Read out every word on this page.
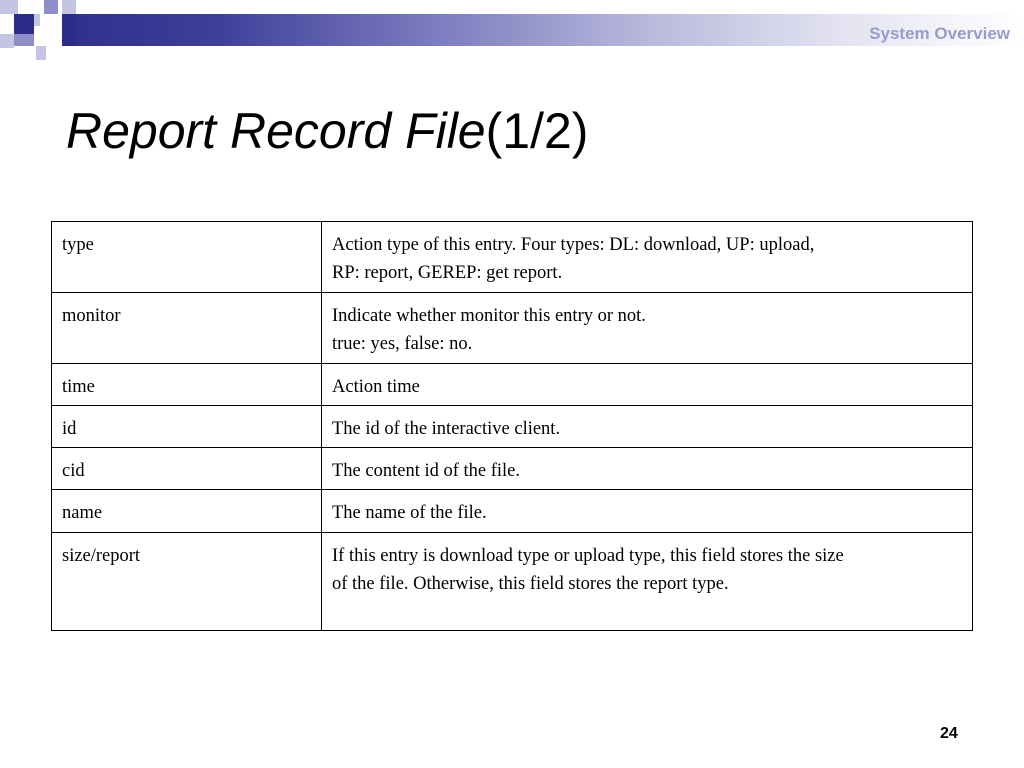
System Overview
Report Record File(1/2)
type	Action type of this entry. Four types: DL: download, UP: upload,
RP: report, GEREP: get report.

monitor	Indicate whether monitor this entry or not.
true: yes, false: no.

time	Action time

id	The id of the interactive client.

cid	The content id of the file.

name	The name of the file.

size/report	If this entry is download type or upload type, this field stores the size
of the file. Otherwise, this field stores the report type.
24
